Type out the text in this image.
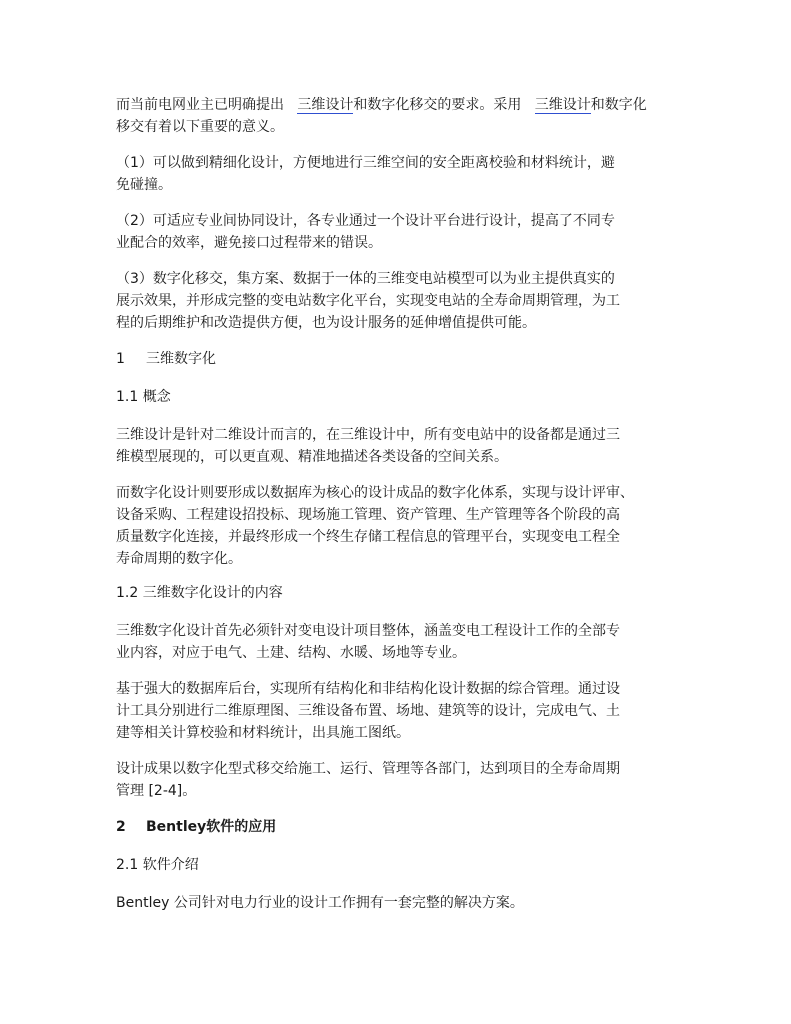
而当前电网业主已明确提出 三维设计和数字化移交的要求。采用 三维设计和数字化
移交有着以下重要的意义。
（1）可以做到精细化设计，方便地进行三维空间的安全距离校验和材料统计，避
免碰撞。
（2）可适应专业间协同设计，各专业通过一个设计平台进行设计，提高了不同专
业配合的效率，避免接口过程带来的错误。
（3）数字化移交，集方案、数据于一体的三维变电站模型可以为业主提供真实的
展示效果，并形成完整的变电站数字化平台，实现变电站的全寿命周期管理，为工
程的后期维护和改造提供方便，也为设计服务的延伸增值提供可能。
1 三维数字化
1.1 概念
三维设计是针对二维设计而言的，在三维设计中，所有变电站中的设备都是通过三
维模型展现的，可以更直观、精准地描述各类设备的空间关系。
而数字化设计则要形成以数据库为核心的设计成品的数字化体系，实现与设计评审、
设备采购、工程建设招投标、现场施工管理、资产管理、生产管理等各个阶段的高
质量数字化连接，并最终形成一个终生存储工程信息的管理平台，实现变电工程全
寿命周期的数字化。
1.2 三维数字化设计的内容
三维数字化设计首先必须针对变电设计项目整体，涵盖变电工程设计工作的全部专
业内容，对应于电气、土建、结构、水暖、场地等专业。
基于强大的数据库后台，实现所有结构化和非结构化设计数据的综合管理。通过设
计工具分别进行二维原理图、三维设备布置、场地、建筑等的设计，完成电气、土
建等相关计算校验和材料统计，出具施工图纸。
设计成果以数字化型式移交给施工、运行、管理等各部门，达到项目的全寿命周期
管理 [2-4]。
2 Bentley软件的应用
2.1 软件介绍
Bentley 公司针对电力行业的设计工作拥有一套完整的解决方案。
